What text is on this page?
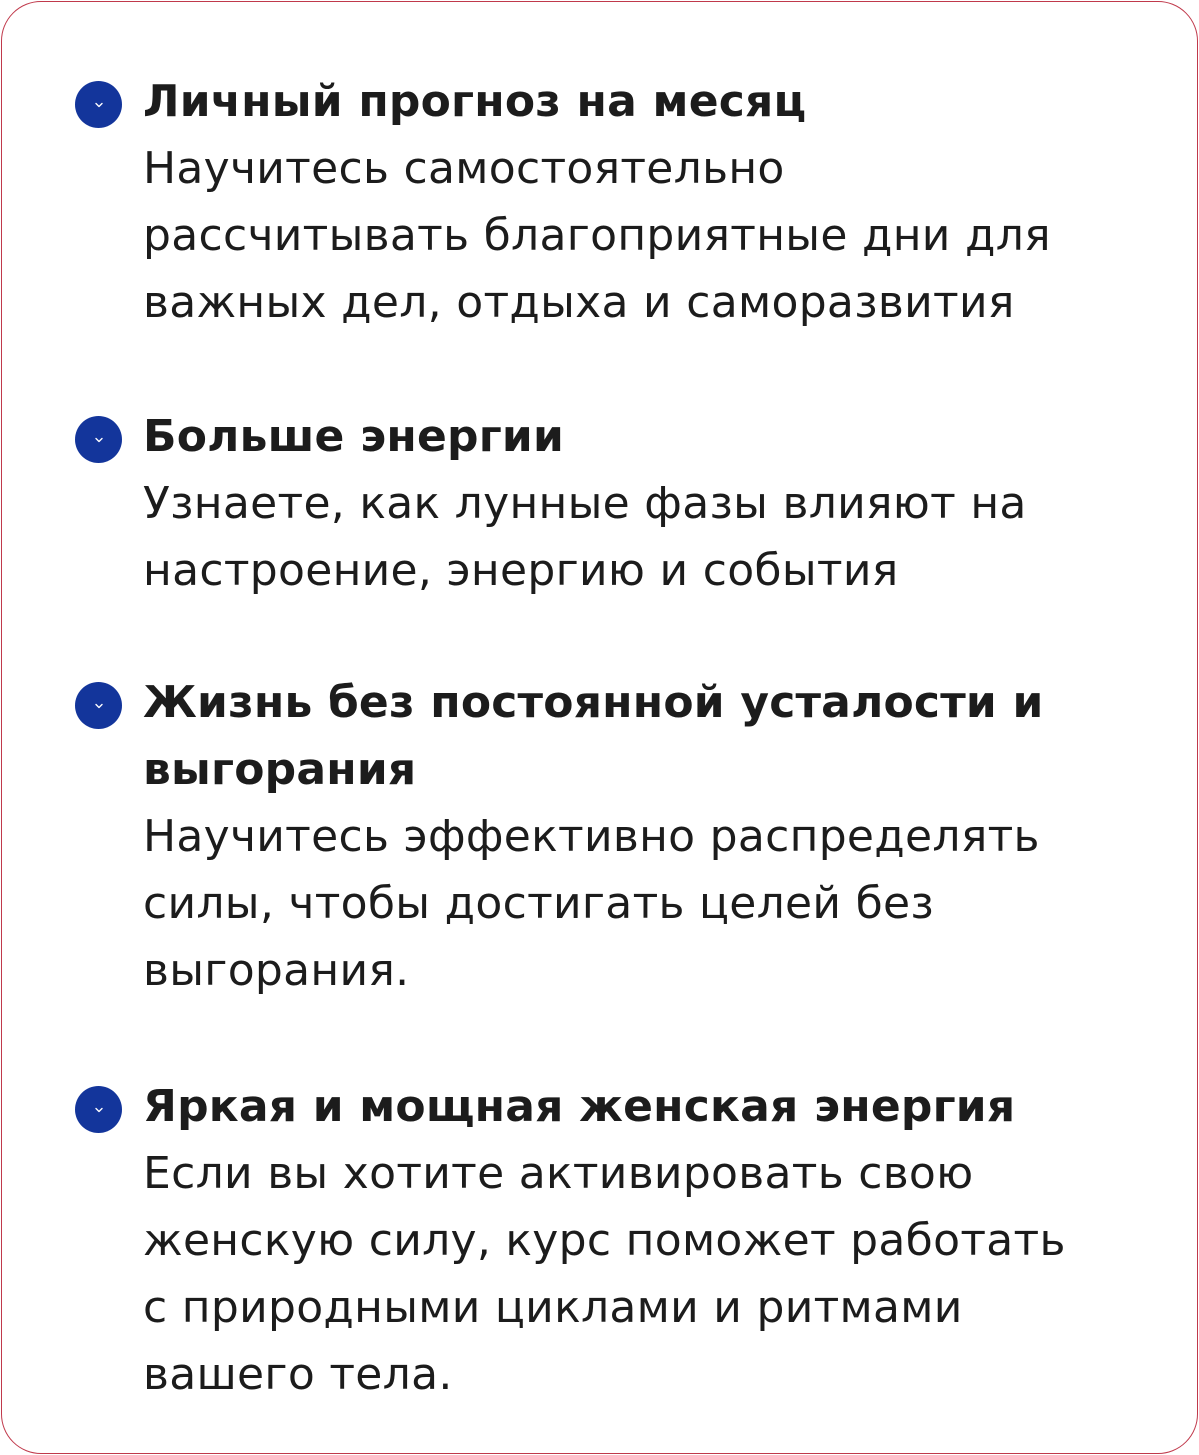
Личный прогноз на месяц
Научитесь самостоятельно
рассчитывать благоприятные дни для
важных дел, отдыха и саморазвития
Больше энергии
Узнаете, как лунные фазы влияют на
настроение, энергию и события
Жизнь без постоянной усталости и
выгорания
Научитесь эффективно распределять
силы, чтобы достигать целей без
выгорания.
Яркая и мощная женская энергия
Если вы хотите активировать свою
женскую силу, курс поможет работать
с природными циклами и ритмами
вашего тела.
